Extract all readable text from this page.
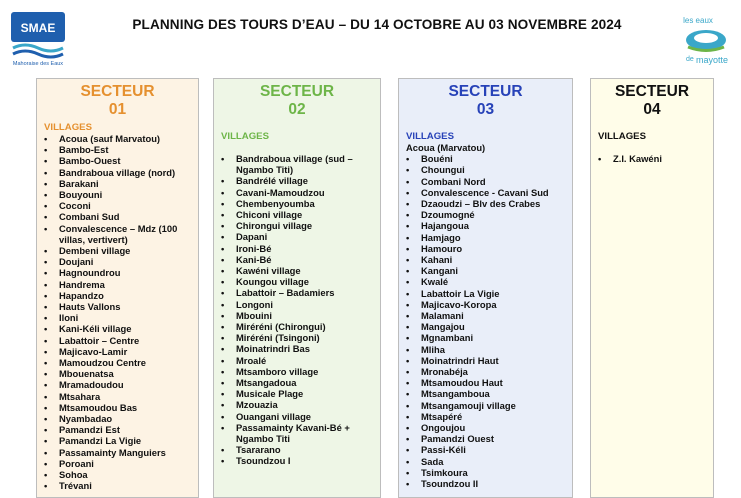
SMAE
Mahoraise des Eaux
PLANNING DES TOURS D’EAU – DU 14 OCTOBRE AU 03 NOVEMBRE 2024	les eaux
de mayotte
SECTEUR
01
VILLAGES
• Acoua (sauf Marvatou)
• Bambo-Est
• Bambo-Ouest
• Bandraboua village (nord)
• Barakani
• Bouyouni
• Coconi
• Combani Sud
• Convalescence – Mdz (100 villas, vertivert)
• Dembeni village
• Doujani
• Hagnoundrou
• Handrema
• Hapandzo
• Hauts Vallons
• Iloni
• Kani-Kéli village
• Labattoir – Centre
• Majicavo-Lamir
• Mamoudzou Centre
• Mbouenatsa
• Mramadoudou
• Mtsahara
• Mtsamoudou Bas
• Nyambadao
• Pamandzi Est
• Pamandzi La Vigie
• Passamainty Manguiers
• Poroani
• Sohoa
• Trévani
SECTEUR
02
VILLAGES
• Bandraboua village (sud – Ngambo Titi)
• Bandrélé village
• Cavani-Mamoudzou
• Chembenyoumba
• Chiconi village
• Chirongui village
• Dapani
• Ironi-Bé
• Kani-Bé
• Kawéni village
• Koungou village
• Labattoir – Badamiers
• Longoni
• Mbouini
• Miréréni (Chirongui)
• Miréréni (Tsingoni)
• Moinatrindri Bas
• Mroalé
• Mtsamboro village
• Mtsangadoua
• Musicale Plage
• Mzouazia
• Ouangani village
• Passamainty Kavani-Bé + Ngambo Titi
• Tsararano
• Tsoundzou I
SECTEUR
03
VILLAGES
Acoua (Marvatou)
• Bouéni
• Choungui
• Combani Nord
• Convalescence - Cavani Sud
• Dzaoudzi – Blv des Crabes
• Dzoumogné
• Hajangoua
• Hamjago
• Hamouro
• Kahani
• Kangani
• Kwalé
• Labattoir La Vigie
• Majicavo-Koropa
• Malamani
• Mangajou
• Mgnambani
• Mliha
• Moinatrindri Haut
• Mronabéja
• Mtsamoudou Haut
• Mtsangamboua
• Mtsangamouji village
• Mtsapéré
• Ongoujou
• Pamandzi Ouest
• Passi-Kéli
• Sada
• Tsimkoura
• Tsoundzou II
SECTEUR
04
VILLAGES
• Z.I. Kawéni
